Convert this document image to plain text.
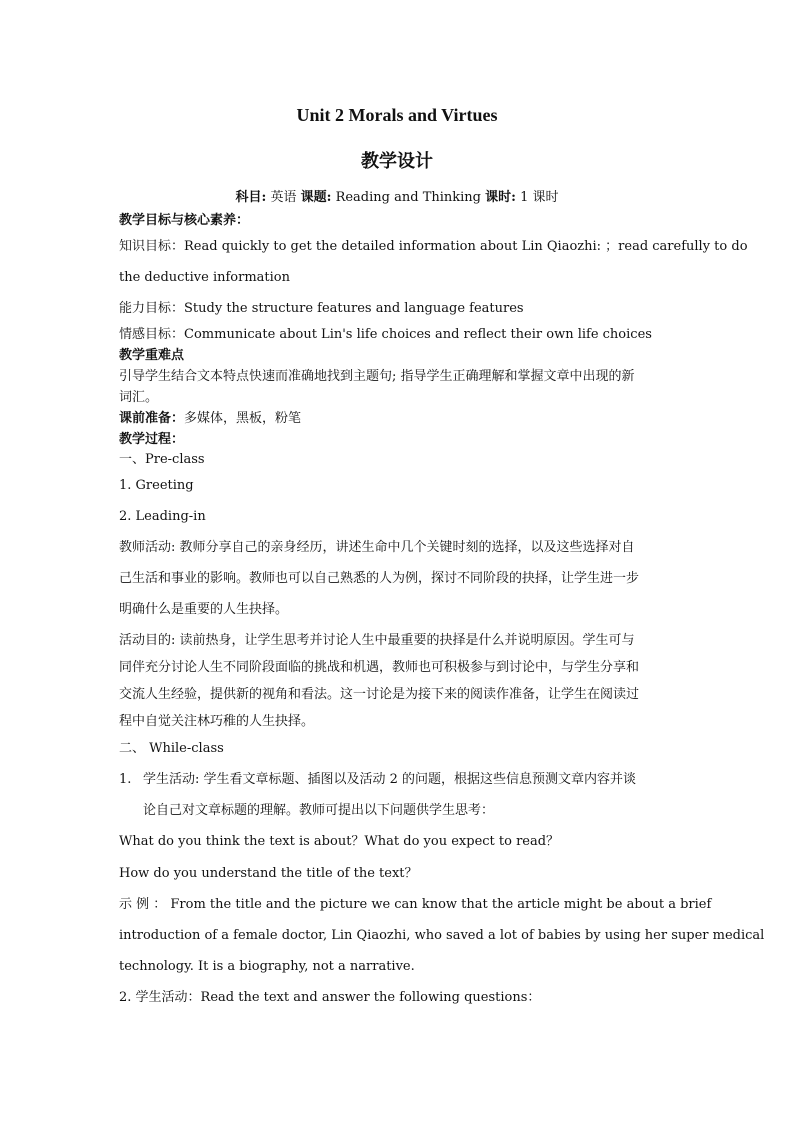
Unit 2 Morals and Virtues
教学设计
科目: 英语 课题: Reading and Thinking 课时: 1 课时
教学目标与核心素养：
知识目标：Read quickly to get the detailed information about Lin Qiaozhi: ；read carefully to do
the deductive information
能力目标：Study the structure features and language features
情感目标：Communicate about Lin's life choices and reflect their own life choices
教学重难点
引导学生结合文本特点快速而准确地找到主题句; 指导学生正确理解和掌握文章中出现的新
词汇。
课前准备：多媒体，黑板，粉笔
教学过程：
一、Pre-class
1. Greeting
2. Leading-in
教师活动: 教师分享自己的亲身经历，讲述生命中几个关键时刻的选择，以及这些选择对自
己生活和事业的影响。教师也可以自己熟悉的人为例，探讨不同阶段的抉择，让学生进一步
明确什么是重要的人生抉择。
活动目的: 读前热身，让学生思考并讨论人生中最重要的抉择是什么并说明原因。学生可与
同伴充分讨论人生不同阶段面临的挑战和机遇，教师也可积极参与到讨论中，与学生分享和
交流人生经验，提供新的视角和看法。这一讨论是为接下来的阅读作准备，让学生在阅读过
程中自觉关注林巧稚的人生抉择。
二、 While-class
1. 学生活动: 学生看文章标题、插图以及活动 2 的问题，根据这些信息预测文章内容并谈
论自己对文章标题的理解。教师可提出以下问题供学生思考：
What do you think the text is about？What do you expect to read？
How do you understand the title of the text？
示 例 ： From the title and the picture we can know that the article might be about a brief
introduction of a female doctor, Lin Qiaozhi, who saved a lot of babies by using her super medical
technology. It is a biography, not a narrative.
2. 学生活动：Read the text and answer the following questions：
